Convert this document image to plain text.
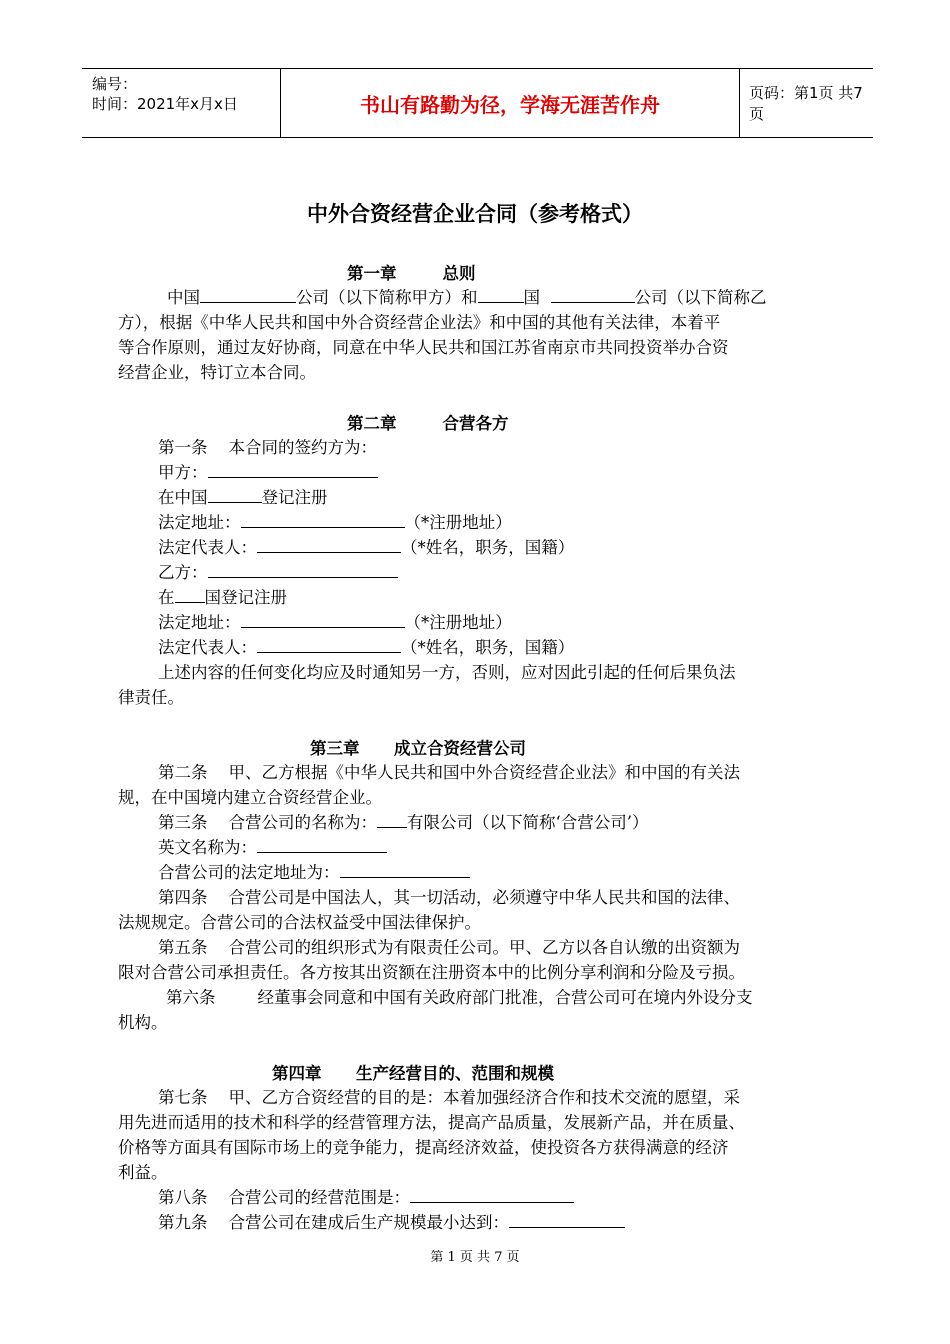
编号：
时间：2021年x月x日	书山有路勤为径，学海无涯苦作舟	页码：第1页 共7页
中外合资经营企业合同（参考格式）
第一章        总则
中国	公司（以下简称甲方）和	国	公司（以下简称乙
方），根据《中华人民共和国中外合资经营企业法》和中国的其他有关法律，本着平
等合作原则，通过友好协商，同意在中华人民共和国江苏省南京市共同投资举办合资
经营企业，特订立本合同。
第二章        合营各方
第一条    本合同的签约方为：
甲方：
在中国	登记注册
法定地址：	（*注册地址）
法定代表人：	（*姓名，职务，国籍）
乙方：
在 国登记注册
法定地址：	（*注册地址）
法定代表人：	（*姓名，职务，国籍）
上述内容的任何变化均应及时通知另一方，否则，应对因此引起的任何后果负法
律责任。
第三章      成立合资经营公司
第二条    甲、乙方根据《中华人民共和国中外合资经营企业法》和中国的有关法
规，在中国境内建立合资经营企业。
第三条    合营公司的名称为： 有限公司（以下简称‘合营公司’）
英文名称为：
合营公司的法定地址为：
第四条    合营公司是中国法人，其一切活动，必须遵守中华人民共和国的法律、
法规规定。合营公司的合法权益受中国法律保护。
第五条    合营公司的组织形式为有限责任公司。甲、乙方以各自认缴的出资额为
限对合营公司承担责任。各方按其出资额在注册资本中的比例分享利润和分险及亏损。
第六条        经董事会同意和中国有关政府部门批准，合营公司可在境内外设分支
机构。
第四章      生产经营目的、范围和规模
第七条    甲、乙方合资经营的目的是：本着加强经济合作和技术交流的愿望，采
用先进而适用的技术和科学的经营管理方法，提高产品质量，发展新产品，并在质量、
价格等方面具有国际市场上的竞争能力，提高经济效益，使投资各方获得满意的经济
利益。
第八条    合营公司的经营范围是：
第九条    合营公司在建成后生产规模最小达到：
第 1 页 共 7 页
